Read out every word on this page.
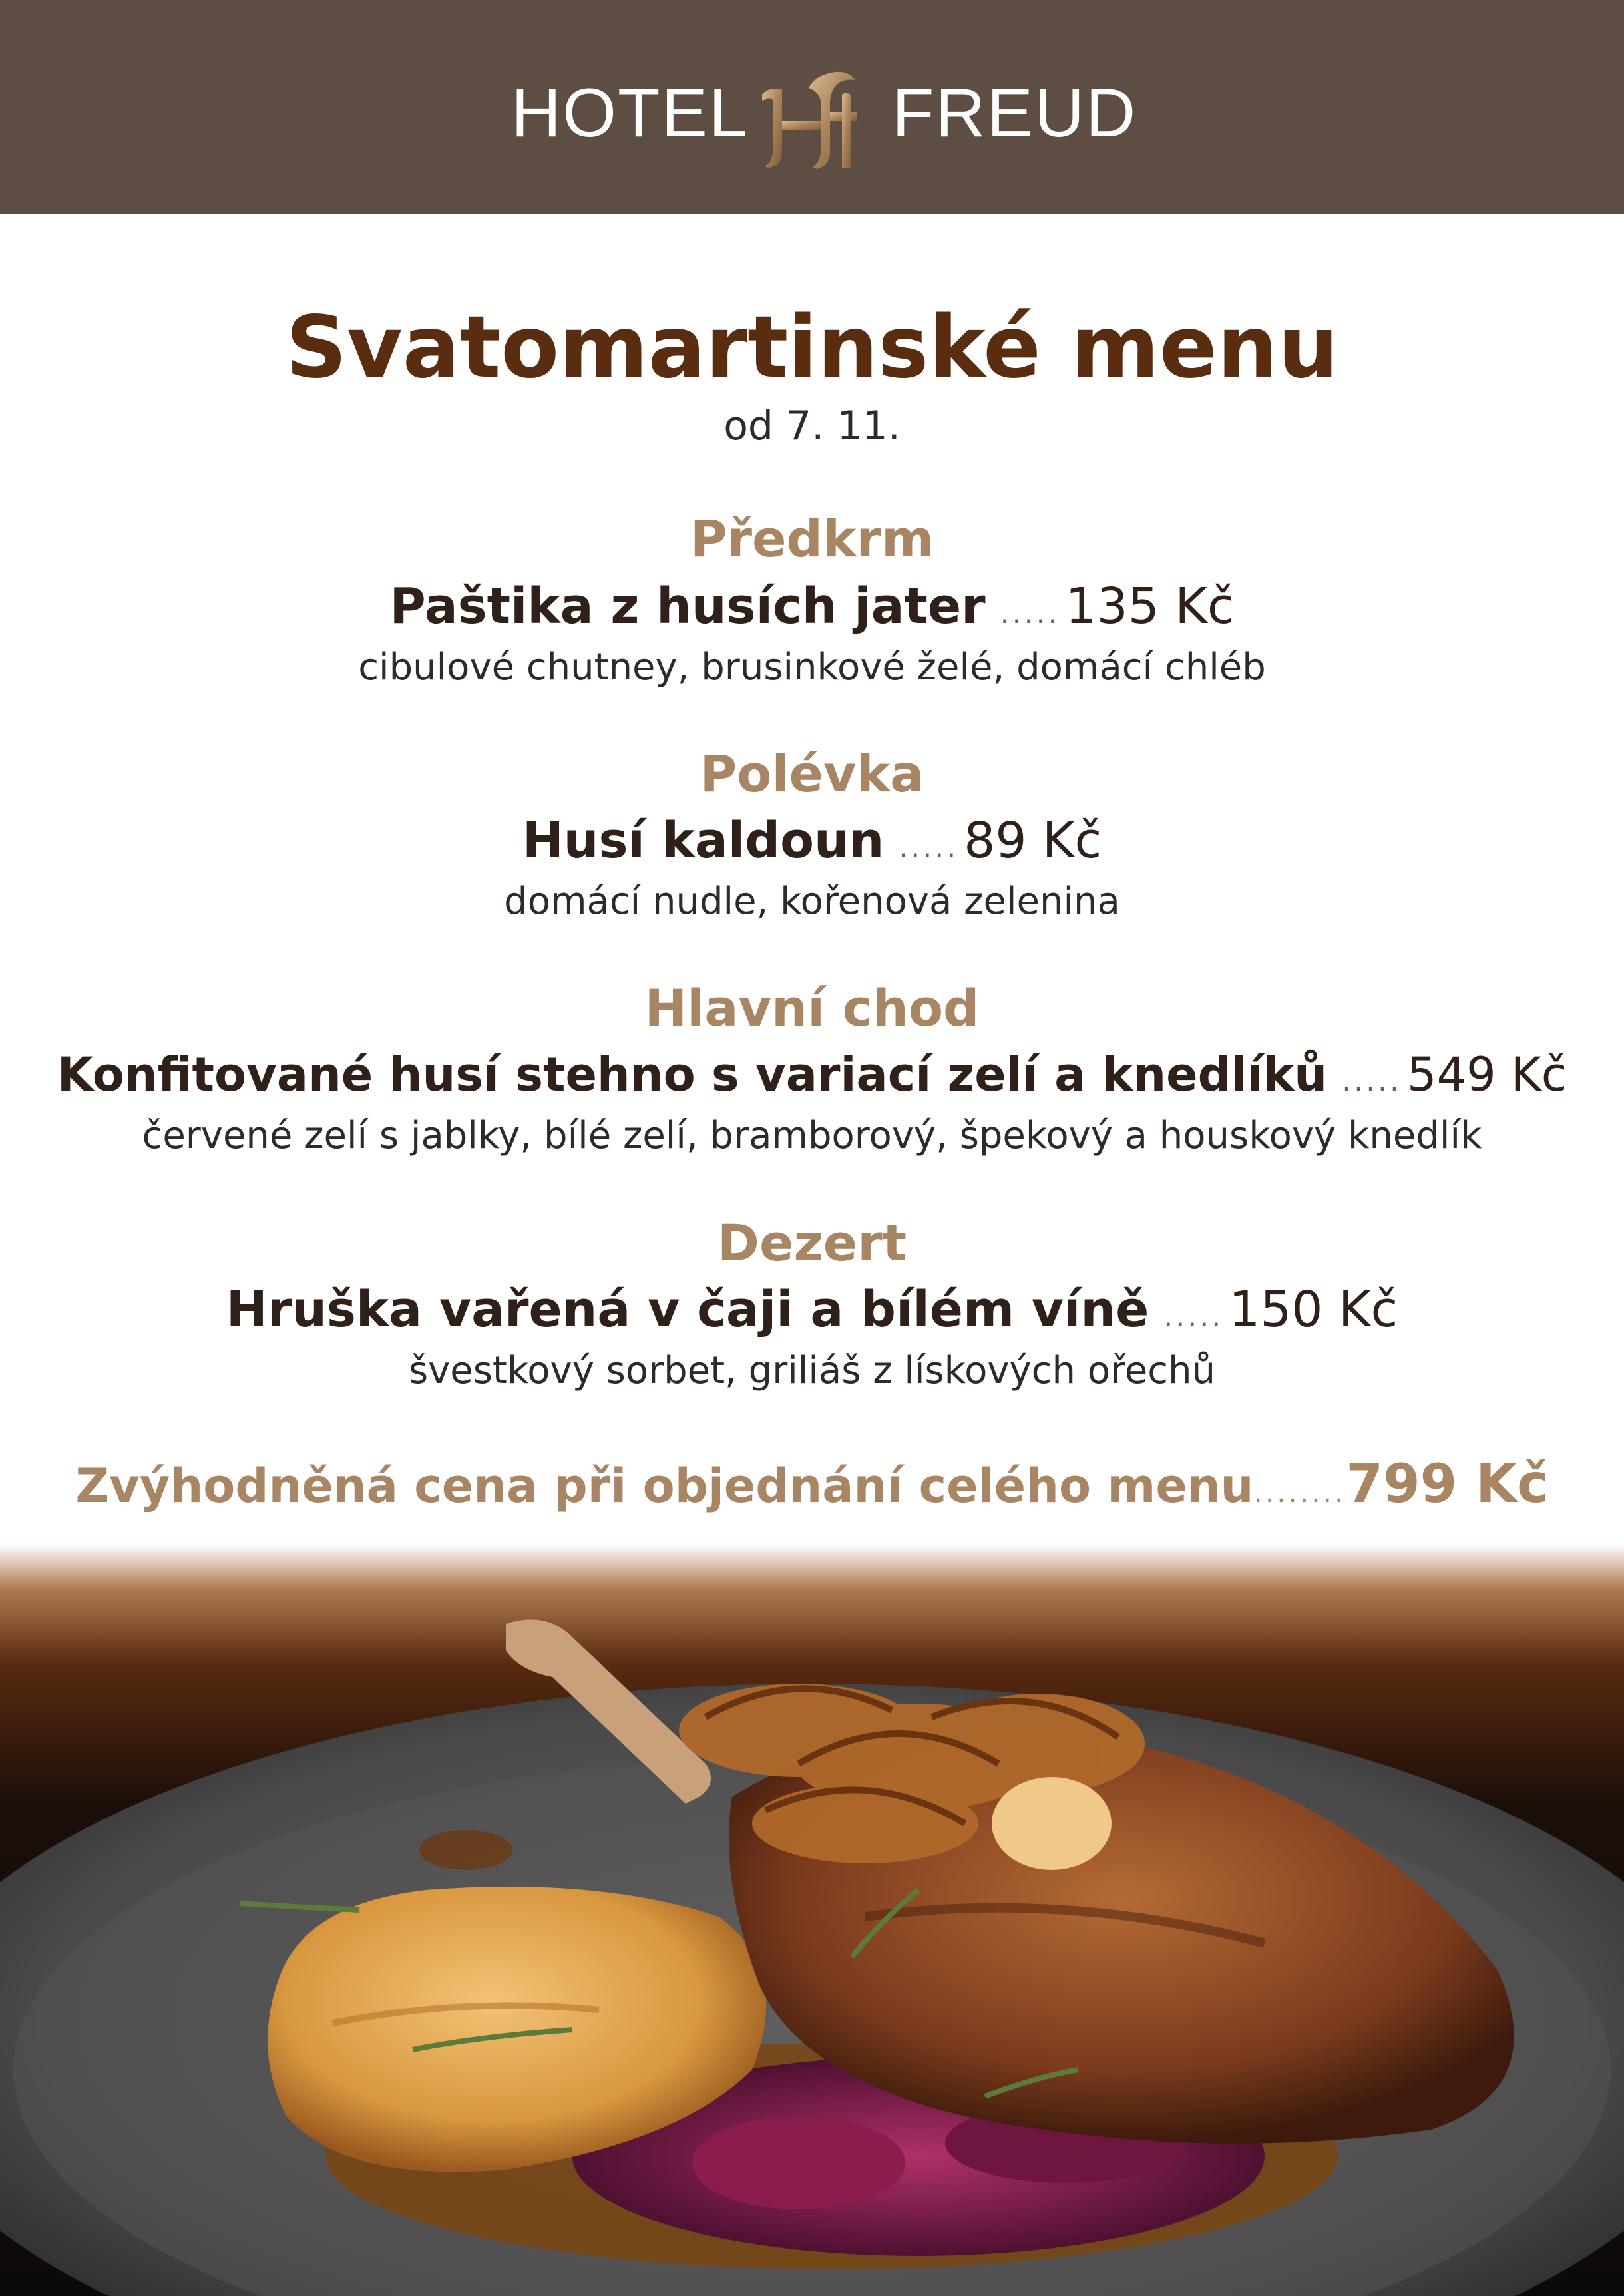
HOTEL FREUD
Svatomartinské menu
od 7. 11.
Předkrm
Paštika z husích jater ..... 135 Kč
cibulové chutney, brusinkové želé, domácí chléb
Polévka
Husí kaldoun ..... 89 Kč
domácí nudle, kořenová zelenina
Hlavní chod
Konfitované husí stehno s variací zelí a knedlíků ..... 549 Kč
červené zelí s jablky, bílé zelí, bramborový, špekový a houskový knedlík
Dezert
Hruška vařená v čaji a bílém víně ..... 150 Kč
švestkový sorbet, griliáš z lískových ořechů
Zvýhodněná cena při objednání celého menu........799 Kč
